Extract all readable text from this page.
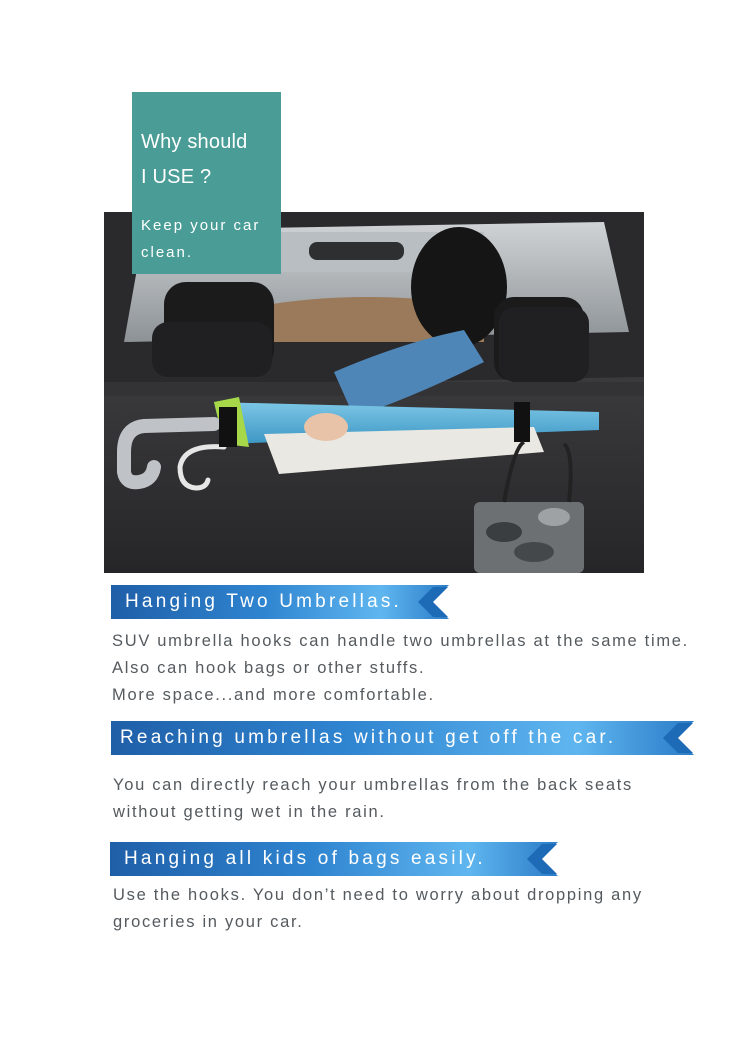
Why should
I USE ?
Keep your car
clean.
Hanging Two Umbrellas.
SUV umbrella hooks can handle two umbrellas at the same time.
Also can hook bags or other stuffs.
More space...and more comfortable.
Reaching umbrellas without get off the car.
You can directly reach your umbrellas from the back seats
without getting wet in the rain.
Hanging all kids of bags easily.
Use the hooks. You don’t need to worry about dropping any
groceries in your car.
